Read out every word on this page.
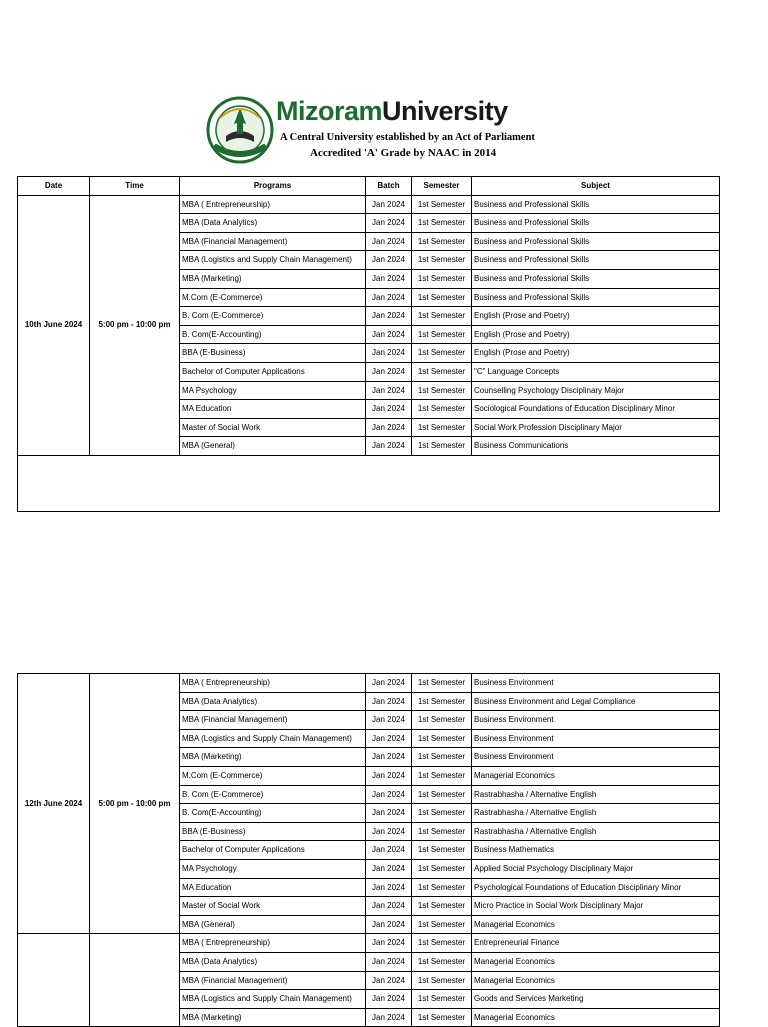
MizoramUniversity
A Central University established by an Act of Parliament
Accredited 'A' Grade by NAAC in 2014
Date	Time	Programs	Batch	Semester	Subject
10th June 2024	5:00 pm - 10:00 pm	MBA ( Entrepreneurship)	Jan 2024	1st Semester	Business and Professional Skills
		MBA (Data Analytics)	Jan 2024	1st Semester	Business and Professional Skills
		MBA (Financial Management)	Jan 2024	1st Semester	Business and Professional Skills
		MBA (Logistics and Supply Chain Management)	Jan 2024	1st Semester	Business and Professional Skills
		MBA (Marketing)	Jan 2024	1st Semester	Business and Professional Skills
		M.Com (E-Commerce)	Jan 2024	1st Semester	Business and Professional Skills
		B. Com (E-Commerce)	Jan 2024	1st Semester	English (Prose and Poetry)
		B. Com(E-Accounting)	Jan 2024	1st Semester	English (Prose and Poetry)
		BBA (E-Business)	Jan 2024	1st Semester	English (Prose and Poetry)
		Bachelor of Computer Applications	Jan 2024	1st Semester	"C" Language Concepts
		MA Psychology	Jan 2024	1st Semester	Counselling Psychology Disciplinary Major
		MA Education	Jan 2024	1st Semester	Sociological Foundations of Education Disciplinary Minor
		Master of Social Work	Jan 2024	1st Semester	Social Work Profession Disciplinary Major
		MBA (General)	Jan 2024	1st Semester	Business Communications

12th June 2024	5:00 pm - 10:00 pm	MBA ( Entrepreneurship)	Jan 2024	1st Semester	Business Environment
		MBA (Data Analytics)	Jan 2024	1st Semester	Business Environment and Legal Compliance
		MBA (Financial Management)	Jan 2024	1st Semester	Business Environment
		MBA (Logistics and Supply Chain Management)	Jan 2024	1st Semester	Business Environment
		MBA (Marketing)	Jan 2024	1st Semester	Business Environment
		M.Com (E-Commerce)	Jan 2024	1st Semester	Managerial Economics
		B. Com (E-Commerce)	Jan 2024	1st Semester	Rastrabhasha / Alternative English
		B. Com(E-Accounting)	Jan 2024	1st Semester	Rastrabhasha / Alternative English
		BBA (E-Business)	Jan 2024	1st Semester	Rastrabhasha / Alternative English
		Bachelor of Computer Applications	Jan 2024	1st Semester	Business Mathematics
		MA Psychology	Jan 2024	1st Semester	Applied Social Psychology Disciplinary Major
		MA Education	Jan 2024	1st Semester	Psychological Foundations of Education Disciplinary Minor
		Master of Social Work	Jan 2024	1st Semester	Micro Practice in Social Work Disciplinary Major
		MBA (General)	Jan 2024	1st Semester	Managerial Economics
		MBA ( Entrepreneurship)	Jan 2024	1st Semester	Entrepreneurial Finance
		MBA (Data Analytics)	Jan 2024	1st Semester	Managerial Economics
		MBA (Financial Management)	Jan 2024	1st Semester	Managerial Economics
		MBA (Logistics and Supply Chain Management)	Jan 2024	1st Semester	Goods and Services Marketing
		MBA (Marketing)	Jan 2024	1st Semester	Managerial Economics
